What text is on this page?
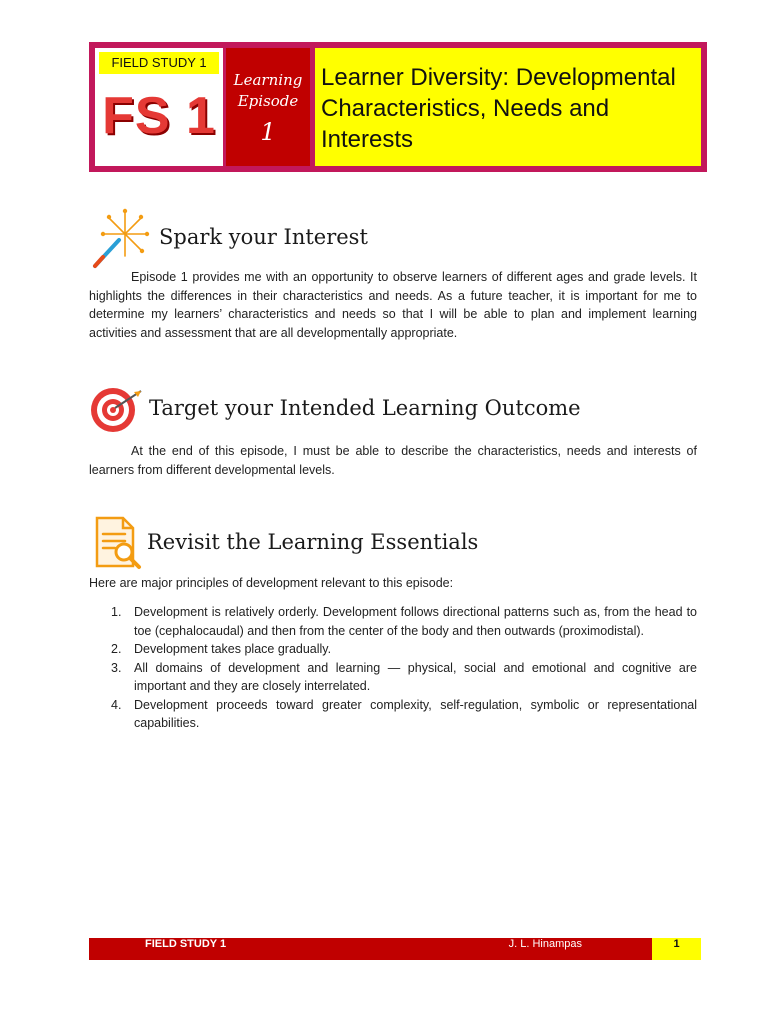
FIELD STUDY 1
FS 1
Learning
Episode
1
Learner Diversity: Developmental Characteristics, Needs and Interests
Spark your Interest

Episode 1 provides me with an opportunity to observe learners of different ages and grade levels. It highlights the differences in their characteristics and needs. As a future teacher, it is important for me to determine my learners’ characteristics and needs so that I will be able to plan and implement learning activities and assessment that are all developmentally appropriate.

Target your Intended Learning Outcome

At the end of this episode, I must be able to describe the characteristics, needs and interests of learners from different developmental levels.

Revisit the Learning Essentials

Here are major principles of development relevant to this episode:

1. Development is relatively orderly. Development follows directional patterns such as, from the head to toe (cephalocaudal) and then from the center of the body and then outwards (proximodistal).
2. Development takes place gradually.
3. All domains of development and learning — physical, social and emotional and cognitive are important and they are closely interrelated.
4. Development proceeds toward greater complexity, self-regulation, symbolic or representational capabilities.
FIELD STUDY 1	J. L. Hinampas	1
